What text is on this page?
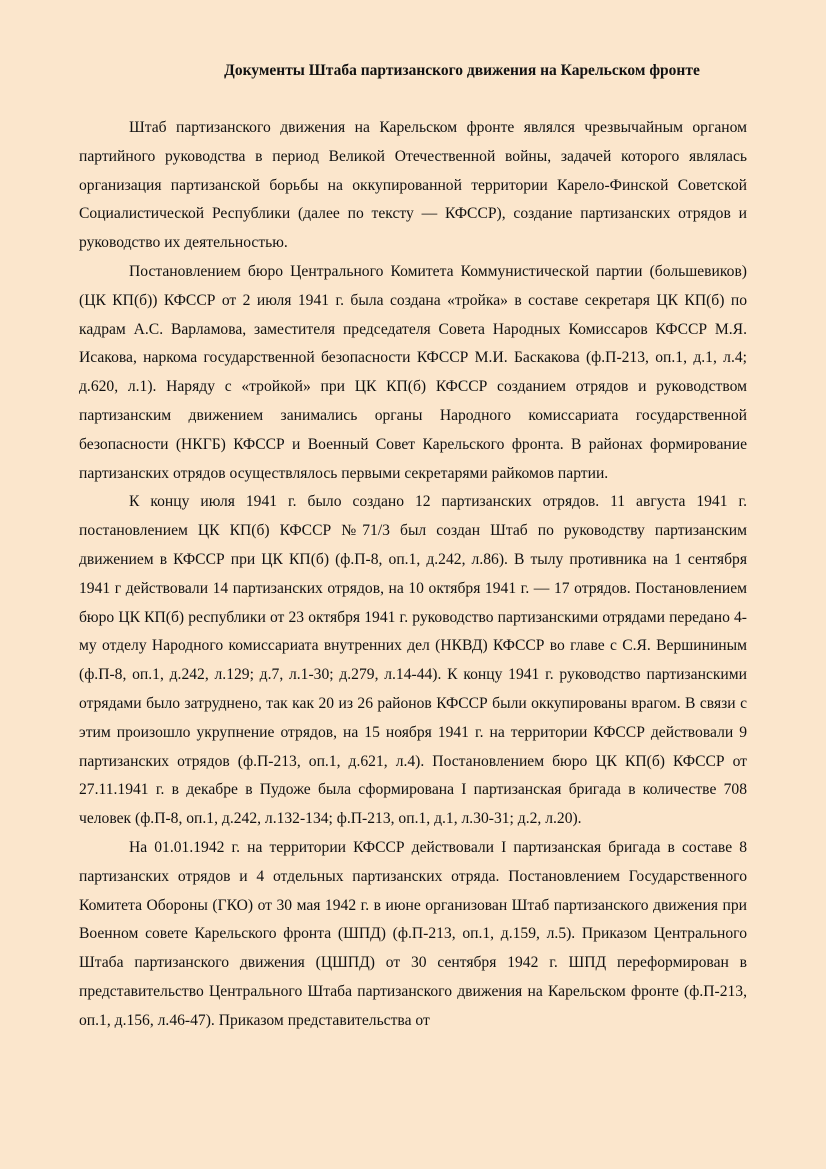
Документы Штаба партизанского движения на Карельском фронте

Штаб партизанского движения на Карельском фронте являлся чрезвычайным органом партийного руководства в период Великой Отечественной войны, задачей которого являлась организация партизанской борьбы на оккупированной территории Карело-Финской Советской Социалистической Республики (далее по тексту — КФССР), создание партизанских отрядов и руководство их деятельностью.

Постановлением бюро Центрального Комитета Коммунистической партии (большевиков) (ЦК КП(б)) КФССР от 2 июля 1941 г. была создана «тройка» в составе секретаря ЦК КП(б) по кадрам А.С. Варламова, заместителя председателя Совета Народных Комиссаров КФССР М.Я. Исакова, наркома государственной безопасности КФССР М.И. Баскакова (ф.П-213, оп.1, д.1, л.4; д.620, л.1). Наряду с «тройкой» при ЦК КП(б) КФССР созданием отрядов и руководством партизанским движением занимались органы Народного комиссариата государственной безопасности (НКГБ) КФССР и Военный Совет Карельского фронта. В районах формирование партизанских отрядов осуществлялось первыми секретарями райкомов партии.

К концу июля 1941 г. было создано 12 партизанских отрядов. 11 августа 1941 г. постановлением ЦК КП(б) КФССР №71/3 был создан Штаб по руководству партизанским движением в КФССР при ЦК КП(б) (ф.П-8, оп.1, д.242, л.86). В тылу противника на 1 сентября 1941 г действовали 14 партизанских отрядов, на 10 октября 1941 г. — 17 отрядов. Постановлением бюро ЦК КП(б) республики от 23 октября 1941 г. руководство партизанскими отрядами передано 4-му отделу Народного комиссариата внутренних дел (НКВД) КФССР во главе с С.Я. Вершининым (ф.П-8, оп.1, д.242, л.129; д.7, л.1-30; д.279, л.14-44). К концу 1941 г. руководство партизанскими отрядами было затруднено, так как 20 из 26 районов КФССР были оккупированы врагом. В связи с этим произошло укрупнение отрядов, на 15 ноября 1941 г. на территории КФССР действовали 9 партизанских отрядов (ф.П-213, оп.1, д.621, л.4). Постановлением бюро ЦК КП(б) КФССР от 27.11.1941 г. в декабре в Пудоже была сформирована I партизанская бригада в количестве 708 человек (ф.П-8, оп.1, д.242, л.132-134; ф.П-213, оп.1, д.1, л.30-31; д.2, л.20).

На 01.01.1942 г. на территории КФССР действовали I партизанская бригада в составе 8 партизанских отрядов и 4 отдельных партизанских отряда. Постановлением Государственного Комитета Обороны (ГКО) от 30 мая 1942 г. в июне организован Штаб партизанского движения при Военном совете Карельского фронта (ШПД) (ф.П-213, оп.1, д.159, л.5). Приказом Центрального Штаба партизанского движения (ЦШПД) от 30 сентября 1942 г. ШПД переформирован в представительство Центрального Штаба партизанского движения на Карельском фронте (ф.П-213, оп.1, д.156, л.46-47). Приказом представительства от
